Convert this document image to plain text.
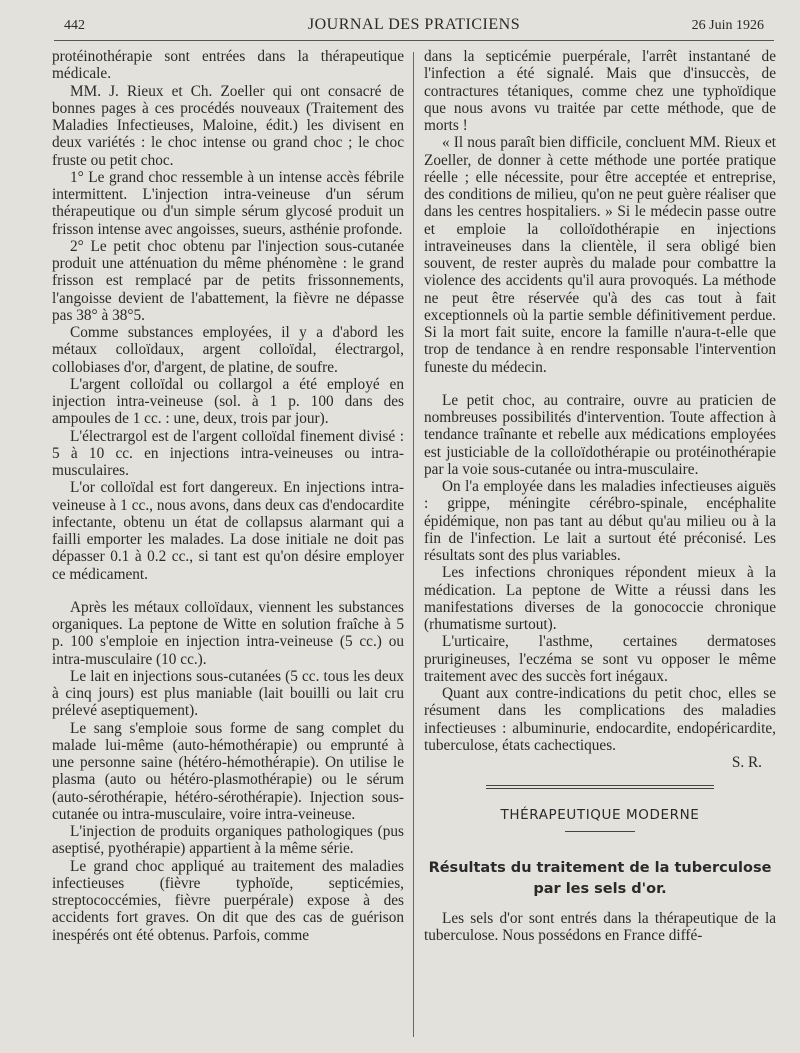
442	JOURNAL DES PRATICIENS	26 Juin 1926

protéinothérapie sont entrées dans la thérapeutique médicale.

MM. J. Rieux et Ch. Zoeller qui ont consacré de bonnes pages à ces procédés nouveaux (Traitement des Maladies Infectieuses, Maloine, édit.) les divisent en deux variétés : le choc intense ou grand choc ; le choc fruste ou petit choc.

1° Le grand choc ressemble à un intense accès fébrile intermittent. L'injection intra-veineuse d'un sérum thérapeutique ou d'un simple sérum glycosé produit un frisson intense avec angoisses, sueurs, asthénie profonde.

2° Le petit choc obtenu par l'injection sous-cutanée produit une atténuation du même phénomène : le grand frisson est remplacé par de petits frissonnements, l'angoisse devient de l'abattement, la fièvre ne dépasse pas 38° à 38°5.

Comme substances employées, il y a d'abord les métaux colloïdaux, argent colloïdal, électrargol, collobiases d'or, d'argent, de platine, de soufre.

L'argent colloïdal ou collargol a été employé en injection intra-veineuse (sol. à 1 p. 100 dans des ampoules de 1 cc. : une, deux, trois par jour).

L'électrargol est de l'argent colloïdal finement divisé : 5 à 10 cc. en injections intra-veineuses ou intra-musculaires.

L'or colloïdal est fort dangereux. En injections intra-veineuse à 1 cc., nous avons, dans deux cas d'endocardite infectante, obtenu un état de collapsus alarmant qui a failli emporter les malades. La dose initiale ne doit pas dépasser 0.1 à 0.2 cc., si tant est qu'on désire employer ce médicament.

Après les métaux colloïdaux, viennent les substances organiques. La peptone de Witte en solution fraîche à 5 p. 100 s'emploie en injection intra-veineuse (5 cc.) ou intra-musculaire (10 cc.).

Le lait en injections sous-cutanées (5 cc. tous les deux à cinq jours) est plus maniable (lait bouilli ou lait cru prélevé aseptiquement).

Le sang s'emploie sous forme de sang complet du malade lui-même (auto-hémothérapie) ou emprunté à une personne saine (hétéro-hémothérapie). On utilise le plasma (auto ou hétéro-plasmothérapie) ou le sérum (auto-sérothérapie, hétéro-sérothérapie). Injection sous-cutanée ou intra-musculaire, voire intra-veineuse.

L'injection de produits organiques pathologiques (pus aseptisé, pyothérapie) appartient à la même série.

Le grand choc appliqué au traitement des maladies infectieuses (fièvre typhoïde, septicémies, streptococcémies, fièvre puerpérale) expose à des accidents fort graves. On dit que des cas de guérison inespérés ont été obtenus. Parfois, comme

dans la septicémie puerpérale, l'arrêt instantané de l'infection a été signalé. Mais que d'insuccès, de contractures tétaniques, comme chez une typhoïdique que nous avons vu traitée par cette méthode, que de morts !

« Il nous paraît bien difficile, concluent MM. Rieux et Zoeller, de donner à cette méthode une portée pratique réelle ; elle nécessite, pour être acceptée et entreprise, des conditions de milieu, qu'on ne peut guère réaliser que dans les centres hospitaliers. » Si le médecin passe outre et emploie la colloïdothérapie en injections intraveineuses dans la clientèle, il sera obligé bien souvent, de rester auprès du malade pour combattre la violence des accidents qu'il aura provoqués. La méthode ne peut être réservée qu'à des cas tout à fait exceptionnels où la partie semble définitivement perdue. Si la mort fait suite, encore la famille n'aura-t-elle que trop de tendance à en rendre responsable l'intervention funeste du médecin.

Le petit choc, au contraire, ouvre au praticien de nombreuses possibilités d'intervention. Toute affection à tendance traînante et rebelle aux médications employées est justiciable de la colloïdothérapie ou protéinothérapie par la voie sous-cutanée ou intra-musculaire.

On l'a employée dans les maladies infectieuses aiguës : grippe, méningite cérébro-spinale, encéphalite épidémique, non pas tant au début qu'au milieu ou à la fin de l'infection. Le lait a surtout été préconisé. Les résultats sont des plus variables.

Les infections chroniques répondent mieux à la médication. La peptone de Witte a réussi dans les manifestations diverses de la gonococcie chronique (rhumatisme surtout).

L'urticaire, l'asthme, certaines dermatoses prurigineuses, l'eczéma se sont vu opposer le même traitement avec des succès fort inégaux.

Quant aux contre-indications du petit choc, elles se résument dans les complications des maladies infectieuses : albuminurie, endocardite, endopéricardite, tuberculose, états cachectiques.

S. R.

THÉRAPEUTIQUE MODERNE
Résultats du traitement de la tuberculose
par les sels d'or.

Les sels d'or sont entrés dans la thérapeutique de la tuberculose. Nous possédons en France diffé-
